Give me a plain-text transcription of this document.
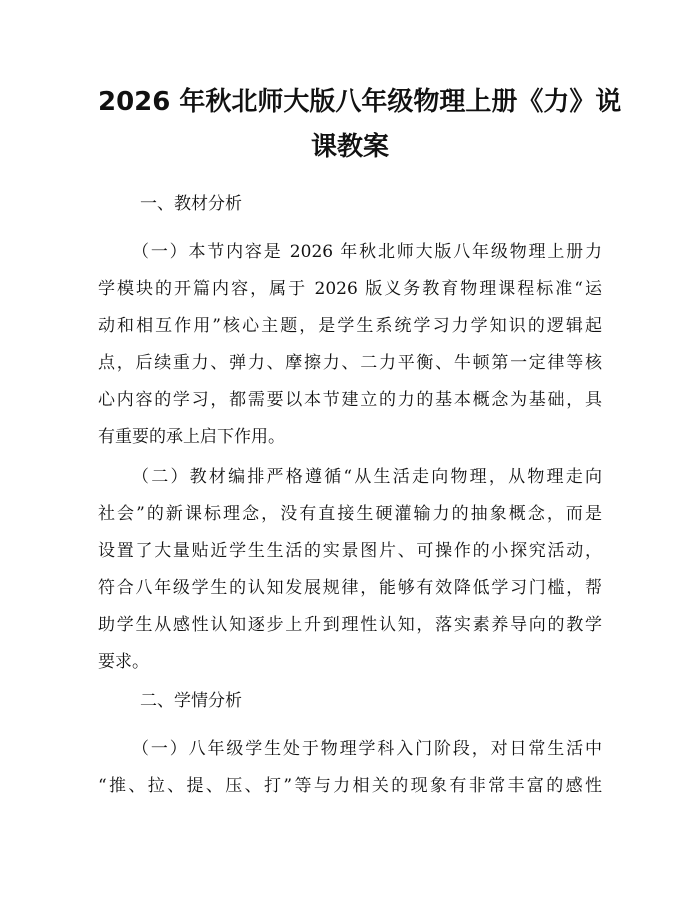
2026 年秋北师大版八年级物理上册《力》说
课教案
一、教材分析
（一）本节内容是 2026 年秋北师大版八年级物理上册力
学模块的开篇内容，属于 2026 版义务教育物理课程标准“运
动和相互作用”核心主题，是学生系统学习力学知识的逻辑起
点，后续重力、弹力、摩擦力、二力平衡、牛顿第一定律等核
心内容的学习，都需要以本节建立的力的基本概念为基础，具
有重要的承上启下作用。
（二）教材编排严格遵循“从生活走向物理，从物理走向
社会”的新课标理念，没有直接生硬灌输力的抽象概念，而是
设置了大量贴近学生生活的实景图片、可操作的小探究活动，
符合八年级学生的认知发展规律，能够有效降低学习门槛，帮
助学生从感性认知逐步上升到理性认知，落实素养导向的教学
要求。
二、学情分析
（一）八年级学生处于物理学科入门阶段，对日常生活中
“推、拉、提、压、打”等与力相关的现象有非常丰富的感性
